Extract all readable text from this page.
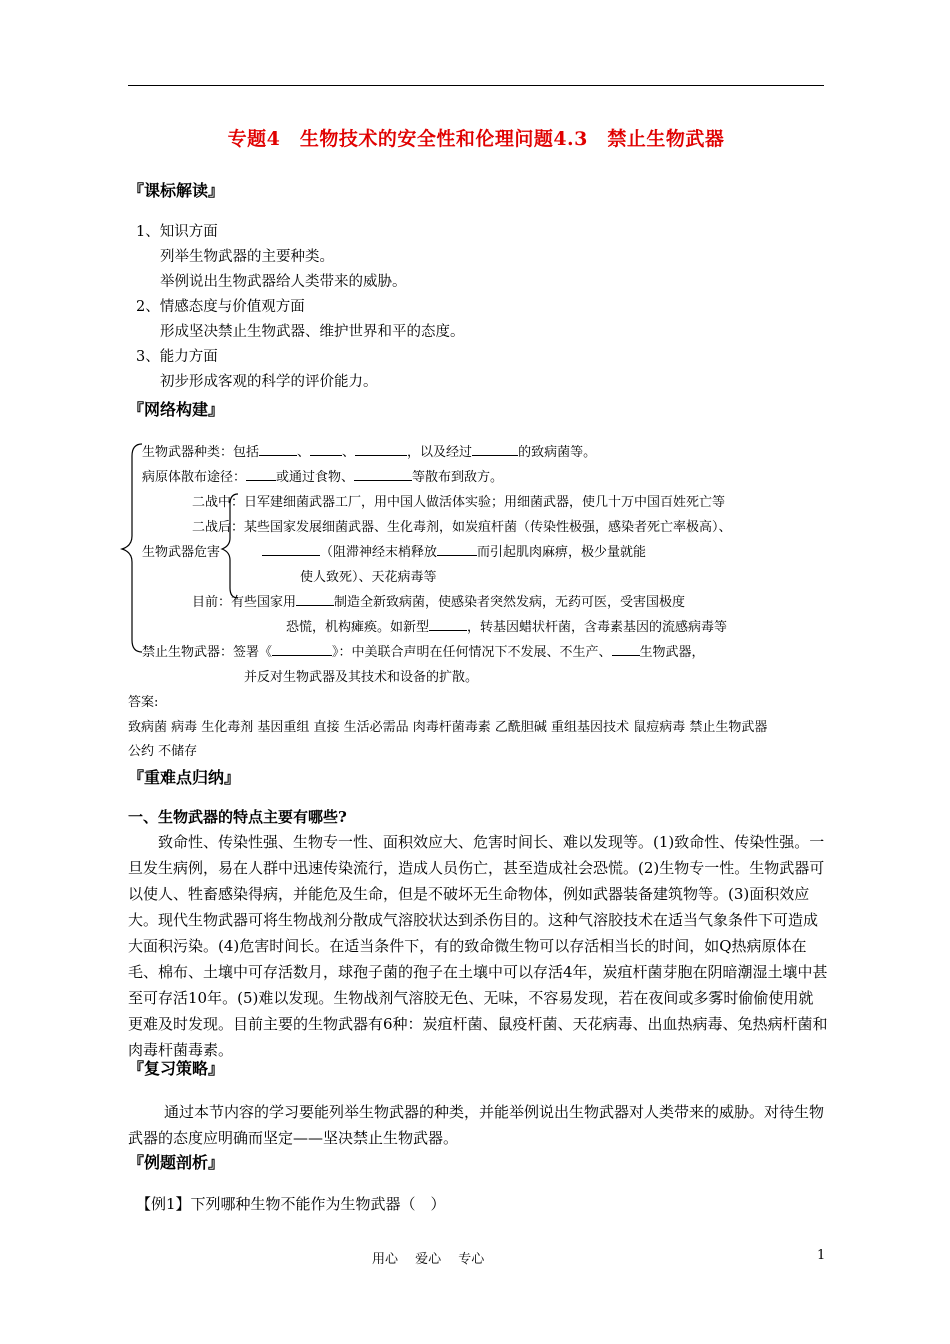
专题4　生物技术的安全性和伦理问题4.3　禁止生物武器
『课标解读』
1、知识方面
列举生物武器的主要种类。
举例说出生物武器给人类带来的威胁。
2、情感态度与价值观方面
形成坚决禁止生物武器、维护世界和平的态度。
3、能力方面
初步形成客观的科学的评价能力。
『网络构建』
生物武器种类：包括	、 、	，以及经过	的致病菌等。
病原体散布途径： 或通过食物、	等散布到敌方。
二战中：日军建细菌武器工厂，用中国人做活体实验；用细菌武器，使几十万中国百姓死亡等
二战后：某些国家发展细菌武器、生化毒剂，如炭疽杆菌（传染性极强，感染者死亡率极高）、
生物武器危害	（阻滞神经末梢释放	而引起肌肉麻痹，极少量就能
使人致死）、天花病毒等
目前：有些国家用	制造全新致病菌，使感染者突然发病，无药可医，受害国极度
恐慌，机构瘫痪。如新型	，转基因蜡状杆菌，含毒素基因的流感病毒等
禁止生物武器：签署《	》：中美联合声明在任何情况下不发展、不生产、 生物武器，
并反对生物武器及其技术和设备的扩散。
答案:
致病菌 病毒 生化毒剂 基因重组 直接 生活必需品 肉毒杆菌毒素 乙酰胆碱 重组基因技术 鼠痘病毒 禁止生物武器
公约 不储存
『重难点归纳』
一、生物武器的特点主要有哪些?
致命性、传染性强、生物专一性、面积效应大、危害时间长、难以发现等。(1)致命性、传染性强。一旦发生病例，易在人群中迅速传染流行，造成人员伤亡，甚至造成社会恐慌。(2)生物专一性。生物武器可以使人、牲畜感染得病，并能危及生命，但是不破坏无生命物体，例如武器装备建筑物等。(3)面积效应大。现代生物武器可将生物战剂分散成气溶胶状达到杀伤目的。这种气溶胶技术在适当气象条件下可造成大面积污染。(4)危害时间长。在适当条件下，有的致命微生物可以存活相当长的时间，如Q热病原体在毛、棉布、土壤中可存活数月，球孢子菌的孢子在土壤中可以存活4年，炭疽杆菌芽胞在阴暗潮湿土壤中甚至可存活10年。(5)难以发现。生物战剂气溶胶无色、无味，不容易发现，若在夜间或多雾时偷偷使用就更难及时发现。目前主要的生物武器有6种：炭疽杆菌、鼠疫杆菌、天花病毒、出血热病毒、兔热病杆菌和肉毒杆菌毒素。
『复习策略』
通过本节内容的学习要能列举生物武器的种类，并能举例说出生物武器对人类带来的威胁。对待生物武器的态度应明确而坚定——坚决禁止生物武器。
『例题剖析』
【例1】下列哪种生物不能作为生物武器（　）
用心　 爱心　 专心	1
